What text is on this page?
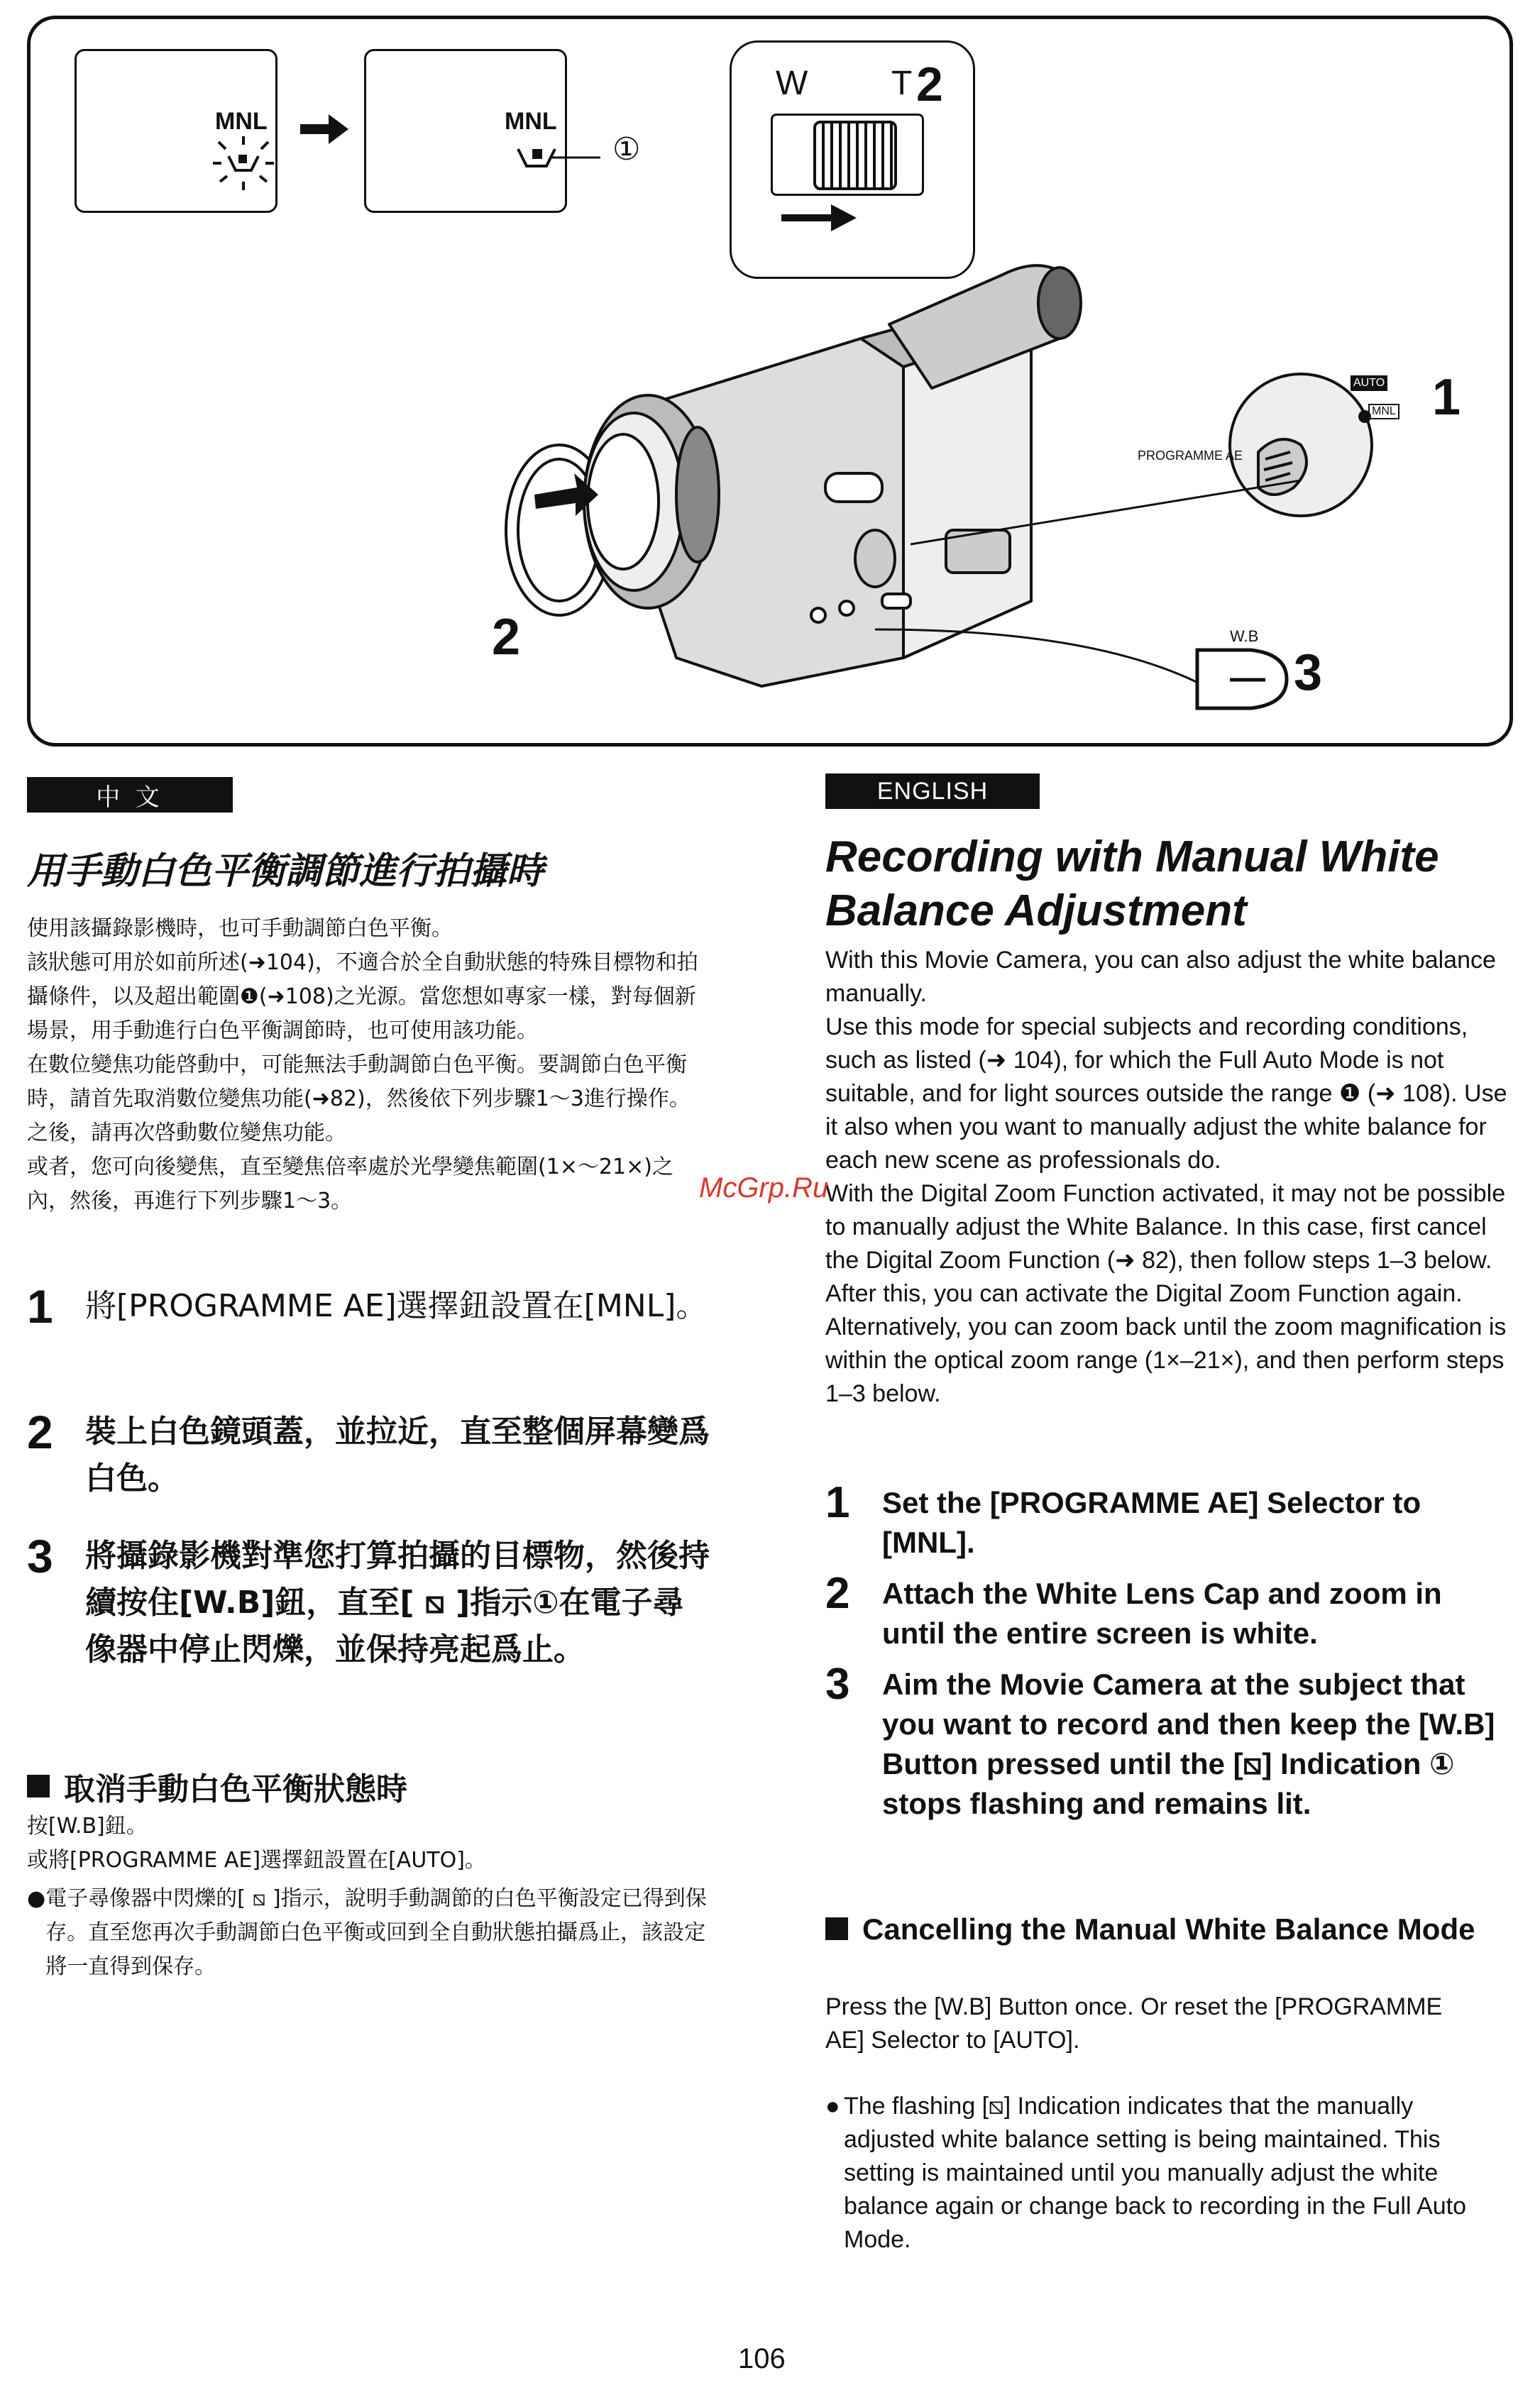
MNL	MNL
①
W T 2
AUTO
MNL 1
PROGRAMME AE
W.B
3
2
中 文
用手動白色平衡調節進行拍攝時

使用該攝錄影機時，也可手動調節白色平衡。

該狀態可用於如前所述(➜104)，不適合於全自動狀態的特殊目標物和拍攝條件，以及超出範圍❶(➜108)之光源。當您想如專家一樣，對每個新場景，用手動進行白色平衡調節時，也可使用該功能。

在數位變焦功能啓動中，可能無法手動調節白色平衡。要調節白色平衡時，請首先取消數位變焦功能(➜82)，然後依下列步驟1～3進行操作。之後，請再次啓動數位變焦功能。

或者，您可向後變焦，直至變焦倍率處於光學變焦範圍(1×～21×)之內，然後，再進行下列步驟1～3。

1	將[PROGRAMME AE]選擇鈕設置在[MNL]。
2	裝上白色鏡頭蓋，並拉近，直至整個屏幕變爲白色。
3	將攝錄影機對準您打算拍攝的目標物，然後持續按住[W.B]鈕，直至[ ⧅ ]指示①在電子尋像器中停止閃爍，並保持亮起爲止。
取消手動白色平衡狀態時

按[W.B]鈕。

或將[PROGRAMME AE]選擇鈕設置在[AUTO]。

● 電子尋像器中閃爍的[ ⧅ ]指示，說明手動調節的白色平衡設定已得到保存。直至您再次手動調節白色平衡或回到全自動狀態拍攝爲止，該設定將一直得到保存。
ENGLISH
Recording with Manual White
Balance Adjustment

With this Movie Camera, you can also adjust the white balance manually.

Use this mode for special subjects and recording conditions, such as listed (➜ 104), for which the Full Auto Mode is not suitable, and for light sources outside the range ❶ (➜ 108). Use it also when you want to manually adjust the white balance for each new scene as professionals do.

With the Digital Zoom Function activated, it may not be possible to manually adjust the White Balance. In this case, first cancel the Digital Zoom Function (➜ 82), then follow steps 1–3 below. After this, you can activate the Digital Zoom Function again.

Alternatively, you can zoom back until the zoom magnification is within the optical zoom range (1×–21×), and then perform steps 1–3 below.

1	Set the [PROGRAMME AE] Selector to [MNL].
2	Attach the White Lens Cap and zoom in until the entire screen is white.
3	Aim the Movie Camera at the subject that you want to record and then keep the [W.B] Button pressed until the [⧅] Indication ① stops flashing and remains lit.
Cancelling the Manual White Balance Mode
Press the [W.B] Button once. Or reset the [PROGRAMME AE] Selector to [AUTO].
● The flashing [⧅] Indication indicates that the manually adjusted white balance setting is being maintained. This setting is maintained until you manually adjust the white balance again or change back to recording in the Full Auto Mode.
McGrp.Ru
106
